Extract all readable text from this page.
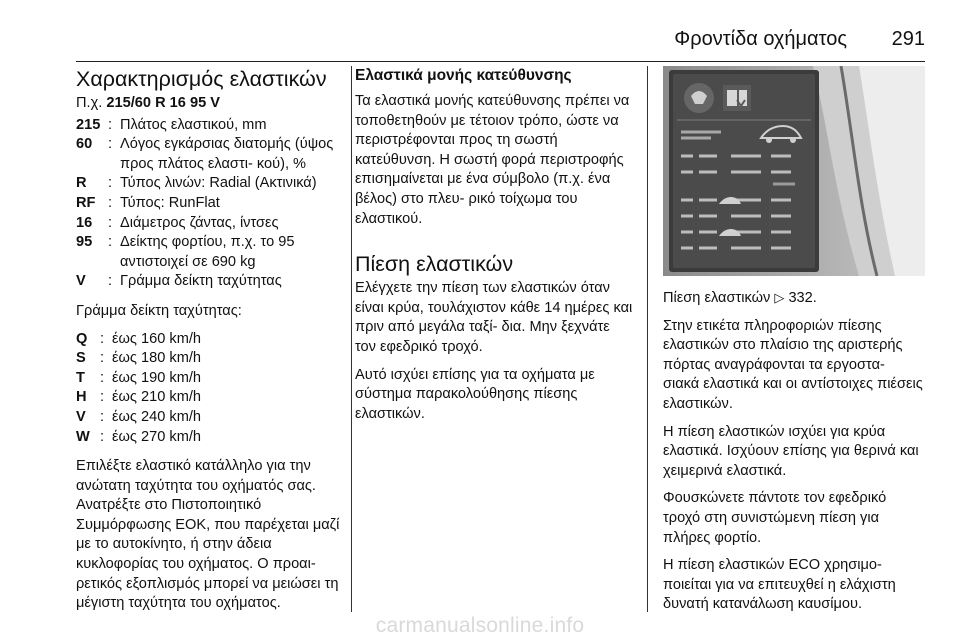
Φροντίδα οχήματος 291
Χαρακτηρισμός ελαστικών
Π.χ. 215/60 R 16 95 V
215 : Πλάτος ελαστικού, mm
60	: Λόγος εγκάρσιας διατομής (ύψος προς πλάτος ελαστι- κού), %
R	: Τύπος λινών: Radial (Ακτινικά)
RF : Τύπος: RunFlat
16	: Διάμετρος ζάντας, ίντσες
95	: Δείκτης φορτίου, π.χ. το 95 αντιστοιχεί σε 690 kg
V	: Γράμμα δείκτη ταχύτητας

Γράμμα δείκτη ταχύτητας:

Q : έως 160 km/h
S : έως 180 km/h
T	: έως 190 km/h
H : έως 210 km/h
V : έως 240 km/h
W : έως 270 km/h

Επιλέξτε ελαστικό κατάλληλο για την ανώτατη ταχύτητα του οχήματός σας. Ανατρέξτε στο Πιστοποιητικό Συμμόρφωσης ΕΟΚ, που παρέχεται μαζί με το αυτοκίνητο, ή στην άδεια κυκλοφορίας του οχήματος. Ο προαι- ρετικός εξοπλισμός μπορεί να μειώσει τη μέγιστη ταχύτητα του οχήματος.

Ελαστικά μονής κατεύθυνσης

Τα ελαστικά μονής κατεύθυνσης πρέπει να τοποθετηθούν με τέτοιον τρόπο, ώστε να περιστρέφονται προς τη σωστή κατεύθυνση. Η σωστή φορά περιστροφής επισημαίνεται με ένα σύμβολο (π.χ. ένα βέλος) στο πλευ- ρικό τοίχωμα του ελαστικού.

Πίεση ελαστικών

Ελέγχετε την πίεση των ελαστικών όταν είναι κρύα, τουλάχιστον κάθε 14 ημέρες και πριν από μεγάλα ταξί- δια. Μην ξεχνάτε τον εφεδρικό τροχό.

Αυτό ισχύει επίσης για τα οχήματα με σύστημα παρακολούθησης πίεσης ελαστικών.

Πίεση ελαστικών ▷ 332.

Στην ετικέτα πληροφοριών πίεσης ελαστικών στο πλαίσιο της αριστερής πόρτας αναγράφονται τα εργοστα- σιακά ελαστικά και οι αντίστοιχες πιέσεις ελαστικών.

Η πίεση ελαστικών ισχύει για κρύα ελαστικά. Ισχύουν επίσης για θερινά και χειμερινά ελαστικά.

Φουσκώνετε πάντοτε τον εφεδρικό τροχό στη συνιστώμενη πίεση για πλήρες φορτίο.

Η πίεση ελαστικών ECO χρησιμο- ποιείται για να επιτευχθεί η ελάχιστη δυνατή κατανάλωση καυσίμου.

carmanualsonline.info
